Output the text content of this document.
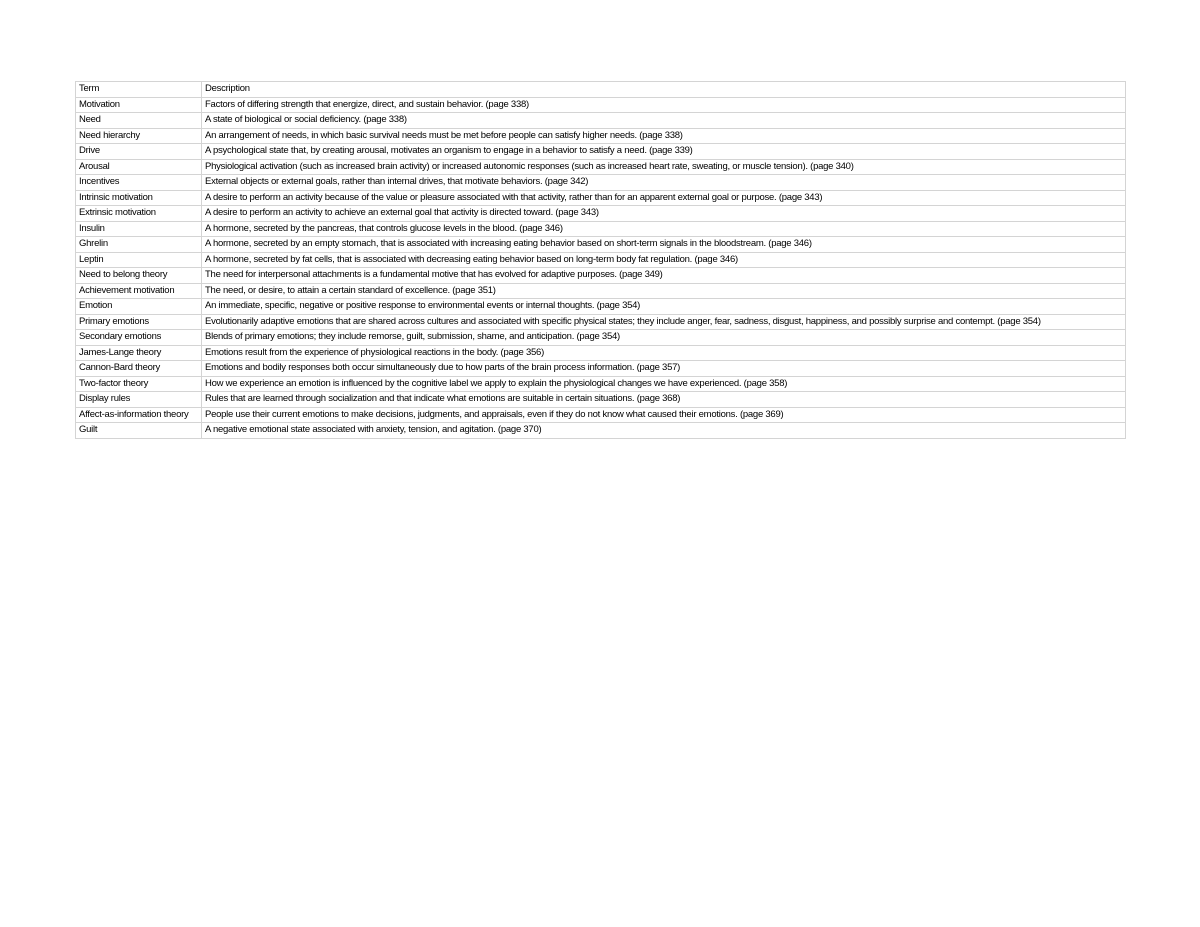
Term	Description
Motivation	Factors of differing strength that energize, direct, and sustain behavior. (page 338)
Need	A state of biological or social deficiency. (page 338)
Need hierarchy	An arrangement of needs, in which basic survival needs must be met before people can satisfy higher needs. (page 338)
Drive	A psychological state that, by creating arousal, motivates an organism to engage in a behavior to satisfy a need. (page 339)
Arousal	Physiological activation (such as increased brain activity) or increased autonomic responses (such as increased heart rate, sweating, or muscle tension). (page 340)
Incentives	External objects or external goals, rather than internal drives, that motivate behaviors. (page 342)
Intrinsic motivation	A desire to perform an activity because of the value or pleasure associated with that activity, rather than for an apparent external goal or purpose. (page 343)
Extrinsic motivation	A desire to perform an activity to achieve an external goal that activity is directed toward. (page 343)
Insulin	A hormone, secreted by the pancreas, that controls glucose levels in the blood. (page 346)
Ghrelin	A hormone, secreted by an empty stomach, that is associated with increasing eating behavior based on short-term signals in the bloodstream. (page 346)
Leptin	A hormone, secreted by fat cells, that is associated with decreasing eating behavior based on long-term body fat regulation. (page 346)
Need to belong theory	The need for interpersonal attachments is a fundamental motive that has evolved for adaptive purposes. (page 349)
Achievement motivation	The need, or desire, to attain a certain standard of excellence. (page 351)
Emotion	An immediate, specific, negative or positive response to environmental events or internal thoughts. (page 354)
Primary emotions	Evolutionarily adaptive emotions that are shared across cultures and associated with specific physical states; they include anger, fear, sadness, disgust, happiness, and possibly surprise and contempt. (page 354)
Secondary emotions	Blends of primary emotions; they include remorse, guilt, submission, shame, and anticipation. (page 354)
James-Lange theory	Emotions result from the experience of physiological reactions in the body. (page 356)
Cannon-Bard theory	Emotions and bodily responses both occur simultaneously due to how parts of the brain process information. (page 357)
Two-factor theory	How we experience an emotion is influenced by the cognitive label we apply to explain the physiological changes we have experienced. (page 358)
Display rules	Rules that are learned through socialization and that indicate what emotions are suitable in certain situations. (page 368)
Affect-as-information theory	People use their current emotions to make decisions, judgments, and appraisals, even if they do not know what caused their emotions. (page 369)
Guilt	A negative emotional state associated with anxiety, tension, and agitation. (page 370)
